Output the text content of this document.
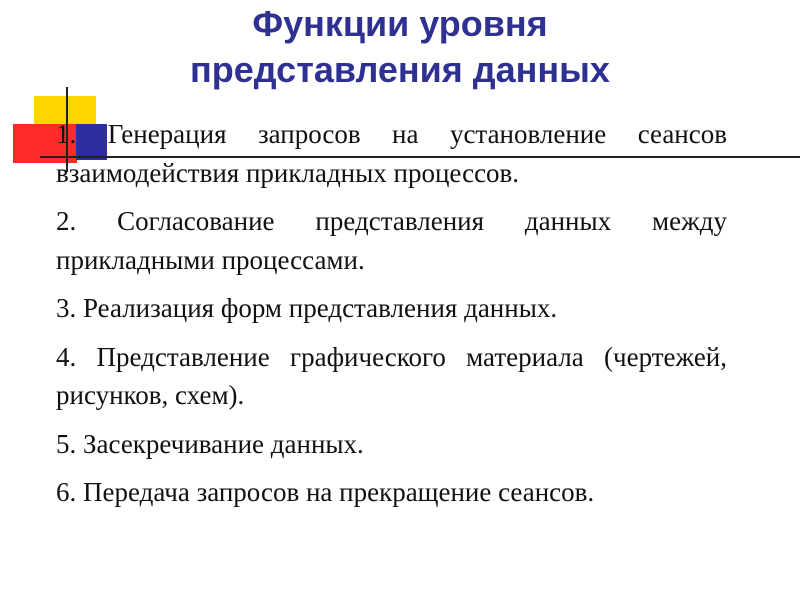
Функции уровня
представления данных
1. Генерация запросов на установление сеансов взаимодействия прикладных процессов.
2. Согласование представления данных между прикладными процессами.
3. Реализация форм представления данных.
4. Представление графического материала (чертежей, рисунков, схем).
5. Засекречивание данных.
6. Передача запросов на прекращение сеансов.
